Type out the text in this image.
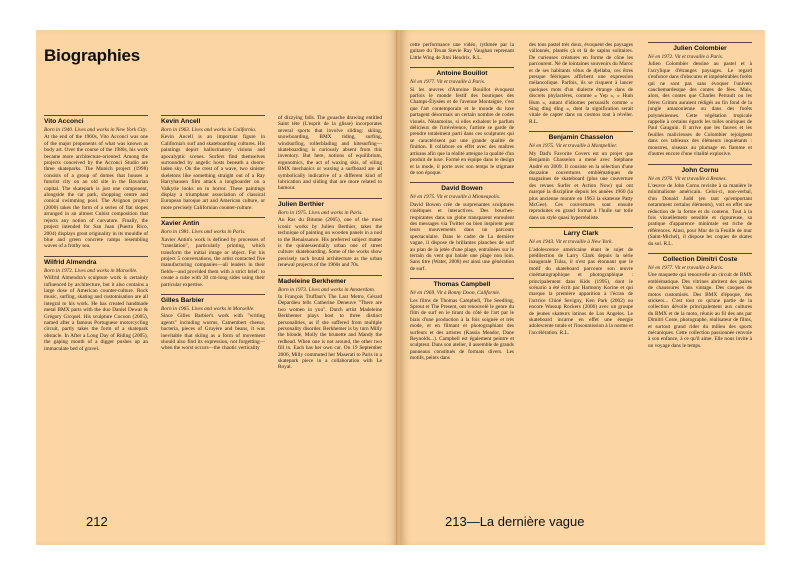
Biographies
Vito Acconci
Born in 1940. Lives and works in New York City.
At the end of the 1960s, Vito Acconci was one of the major proponents of what was known as body art. Over the course of the 1980s, his work became more architecture-oriented. Among the projects conceived by the Acconci Studio are three skateparks. The Munich project (1998) consists of a group of domes that houses a futurist city on an old site in the Bavarian capital. The skatepark is just one component, alongside the car park, shopping centre and conical swimming pool. The Avignon project (2000) takes the form of a series of flat slopes arranged in an almost Cubist composition that rejects any notion of curvature. Finally, the project intended for San Juan (Puerto Rico, 2004) displays great originality in its mouldle of blue and green concrete ramps resembling waves of a frothy sea.
Wilfrid Almendra
Born in 1972. Lives and works in Marseille.
Wilfrid Almendra's sculpture work is certainly influenced by architecture, but it also contains a large dose of American counter-culture. Rock music, surfing, skating and customisation are all integral to his work. He has created handmade metal BMX parts with the duo Daniel Dewar & Grégory Gicquel. His sculpture Cocoon (2005), named after a famous Portuguese motorcycling circuit, partly takes the form of a skatepark obstacle. In After a Long Day of Riding (2005), the gaping mouth of a digger pushes up an immaculate bed of gravel.
Kevin Ancell
Born in 1963. Lives and works in California.
Kevin Ancell is an important figure in California's surf and skateboarding cultures. His paintings depict hallucinatory visions and apocalyptic scenes. Surfers find themselves surrounded by angelic hosts beneath a doom-laden sky. On the crest of a wave, two sinister skeletons like something straight out of a Ray Harryhausen film attack a longboarder on a Valkyrie looks on in horror. These paintings display a triumphant association of classical European baroque art and American culture, or more precisely Californian counter-culture.
Xavier Antin
Born in 1981. Lives and works in Paris.
Xavier Antin's work is defined by processes of "translation", particularly printing, which transform the initial image or object. For his project 5 conversations, the artist contacted five manufacturing companies—all leaders in their fields—and provided them with a strict brief: to create a cube with 30 cm-long sides using their particular expertise.
Gilles Barbier
Born in 1965. Lives and works in Marseille.
Since Gilles Barbier's work with "writing agents" including worms, Camembert cheese, bacteria, pieces of Gruyère and beans, it was inevitable that skiing as a form of movement should also find its expression, not forgetting—when the worst occurs—the chaotic verticality
of dizzying falls. The gouache drawing entitled Saint tête (L'esprit de la glisse) incorporates several sports that involve sliding: skiing, snowboarding, BMX riding, surfing, windsurfing, rollerblading and kitesurfing—skateboarding is curiously absent from this inventory. But here, notions of equilibrium, ergonomics, the act of waxing skis, of oiling BMX mechanics or waxing a surfboard are all symbolically indicative of a different kind of lubrication and sliding that are more related to humour.
Julien Berthier
Born in 1975. Lives and works in Paris.
Au Ras du Bitume (2005), one of the most iconic works by Julien Berthier, takes the technique of painting on wooden panels in a nod to the Renaissance. His preferred subject matter is the quintessentially urban one of street culture: skateboarding. Some of the works show precisely such brutal architecture as the urban renewal projects of the 1960s and 70s.
Madeleine Berkhemer
Born in 1973. Lives and works in Amsterdam.
In François Truffaut's The Last Metro, Gérard Depardieu tells Catherine Deneuve "There are two women in you". Dutch artist Madeleine Berkhemer plays host to three distinct personalities, as if she suffered from multiple personality disorder. Berkhemer is by turn Milly the blonde, Molly the brunette and Mandy the redhead. When one is not around, the other two fill in. Each has her own car. On 19 September 2006, Milly commuted her Maserati to Paris in a skatepark piece in a collaboration with Le Royal.
212
cette performance une vidéo, rythmée par la guitare du Texan Stevie Ray Vaughan reprenant Little Wing de Jimi Hendrix. R.L.
Antoine Bouillot
Né en 1977. Vit et travaille à Paris.
Si les œuvres d'Antoine Bouillot évoquent parfois le monde festif des boutiques des Champs-Élysées et de l'avenue Montaigne, c'est que l'art contemporain et le monde du luxe partagent désormais un certain nombre de codes visuels. Néanmoins, si elles exhalent le parfum délicieux de l'irrévérence, l'artiste se garde de prendre totalement parti dans ces sculptures qui se caractérisent par une grande qualité de finition. Il collabore en effet avec des maîtres artisans afin que la réalité atteigne la qualité d'un produit de luxe. Formé en équipe dans le design et la mode, il porte avec son temps le stigmate de son époque.
David Bowen
Né en 1975. Vit et travaille à Minneapolis.
David Bowen crée de surprenantes sculptures cinétiques et interactives. Des bouches-respirantes dans un globe transparent enroulent des messages via Twitter ou bien inspirent peur leurs mouvements dans un parcours spectaculaire. Dans le cadre de La dernière vague, il dispose de brillantes planches de surf au plan de la jetée d'une plage, entraînées sur le terrain du vent qui balaie une plage non loin. Sans titre (Water, 2008) est ainsi une génération de surf.
Thomas Campbell
Né en 1969. Vit à Bonny Doon, Californie.
Les films de Thomas Campbell, The Seedling, Sprout et The Present, ont renouvelé le genre du film de surf en le tirant du côté de l'art par le biais d'une production à la fois soignée et très mode, et en filmant et photographiant des surfeurs et des artistes (Kassia Meador, Dane Reynolds...). Campbell est également peintre et sculpteur. Dans son atelier, il assemble de grands panneaux constitués de formats divers. Les motifs, peints dans
des tons pastel très doux, évoquent des paysages vallonnés, plantés çà et là de sapins solitaires. De curieuses créatures en forme de cône les parcourent. Né de lointaines souvenirs du Maroc et de ses habitants vêtus de djellaba, ces êtres presque féériques affichent une expression mélancolique. Parfois, ils se risquent à lancer quelques mots d'un dialecte étrange dans de discrets phylactères, comme « Yep », « Hum Hum », autant d'idiomes persuasifs comme « Sing ding ding », dont la signification serait vitale de capter dans un cosmos tout à révéler. R.L.
Benjamin Chasselon
Né en 1975. Vit et travaille à Montpellier.
My Dad's Favorite Covers est un projet que Benjamin Chasselon a mené avec Stéphane André en 2009. Il consiste en la sélection d'une douzaine couvertures emblématiques de magazines de skateboard (plus une couverture des revues Surfer et Action Now) qui ont marqué la discipline depuis les années 1960 (la plus ancienne montre en 1963 la skateuse Patty McGee). Ces couvertures sont ensuite reproduites en grand format à l'huile sur toile dans un style quasi hyperréaliste.
Larry Clark
Né en 1943. Vit et travaille à New York.
L'adolescence américaine étant le sujet de prédilection de Larry Clark depuis la série inaugurale Tulsa, il n'est pas étonnant que le motif du skateboard parcoure son œuvre cinématographique et photographique : principalement dans Kids (1995), dont le scénario a été écrit par Harmony Korine et qui marque la première apparition à l'écran de l'actrice Chloé Sevigny, Ken Park (2002) ou encore Wassup Rockers (2006) avec un groupe de jeunes skateurs latinos de Los Angeles. Le skateboard incarne en effet une énergie adolescente totale et l'insoumission à la norme et l'accélération. R.L.
Julien Colombier
Né en 1972. Vit et travaille à Paris.
Julien Colombier dessine au pastel et à l'acrylique d'étranges paysages. Le regard s'enfonce dans d'obscures et impénétrables forêts qui ne sont pas sans évoquer l'univers cauchemardesque des contes de fées. Mais, alors, des contes que Charles Perrault ou les frères Grimm auraient rédigés au fin fond de la jungle amazonienne ou dans des forêts polynésiennes. Cette végétation tropicale rappelle à certains égards les toiles oniriques de Paul Gauguin. Il arrive que les fauves et les feuilles malicieuses de Colombier rejoignent dans ces tableaux des éléments inquiétants : monstres, oiseaux au plumage en flamme et d'autres encore d'une vitalité explosive.
John Cornu
Né en 1976. Vit et travaille à Rennes.
L'œuvre de John Cornu revisite à sa manière le minimalisme américain. Celui-ci, non-verbal, d'un Donald Judd (en tant qu'emportant notamment certains éléments), voit en effet une réduction de la forme et du contenu. Tout à la fois visuellement sensible et rigoureuse, sa pratique d'apparence minimale est riche de références. Ainsi, pour Mur de la Feuille de mur (Saint-Michel), il dispose les coques de skates du sol. R.L.
Collection Dimitri Coste
Né en 1977. Vit et travaille à Paris.
Une maquette qui renouvelle un circuit de BMX emblématique. Des vitrines abritent des paires de chaussures Vans vintage. Des casques de motos customisés. Des BMX d'époque, des stickers... C'est tout ce qu'une partie de la collection dévoile principalement aux cultures du BMX et de la moto, réunis au fil des ans par Dimitri Coste, photographe, réalisateur de films, et surtout grand rider du milieu des sports mécaniques. Cette collection passionnée renvoie à son enfance, à ce qu'il aime. Elle nous invite à un voyage dans le temps.
213—La dernière vague
